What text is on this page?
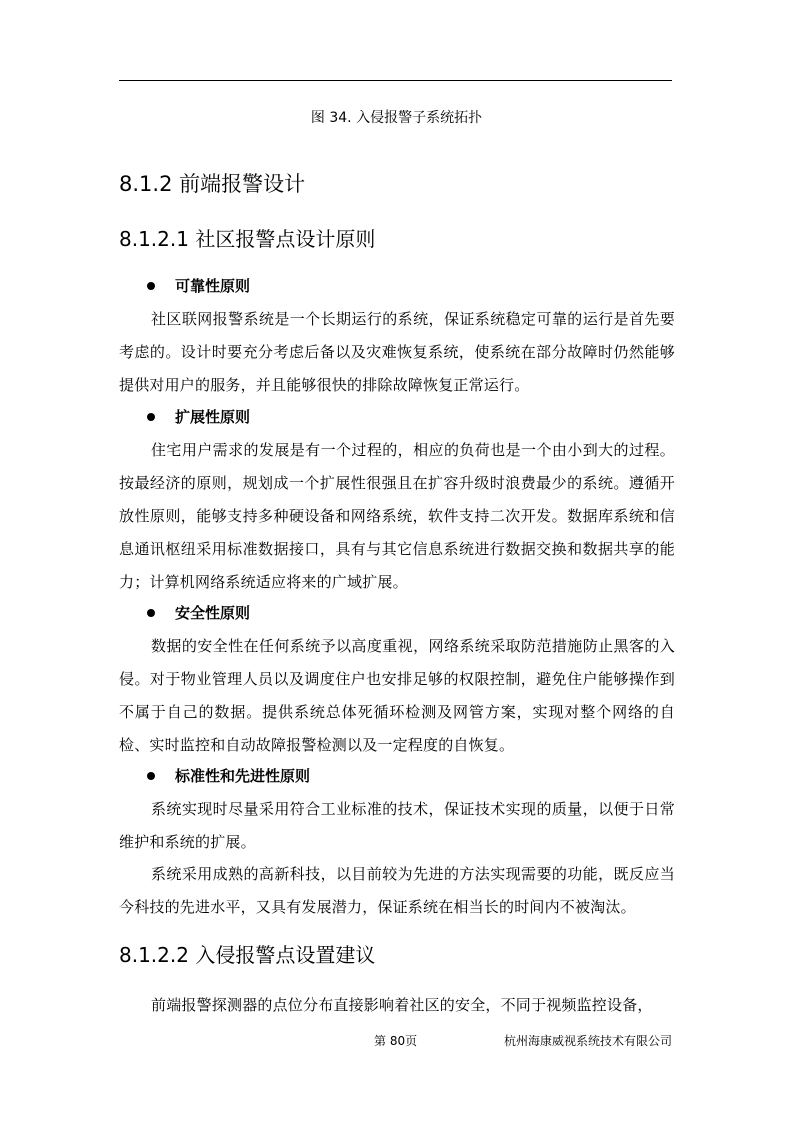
图 34. 入侵报警子系统拓扑
8.1.2 前端报警设计
8.1.2.1 社区报警点设计原则
可靠性原则

社区联网报警系统是一个长期运行的系统，保证系统稳定可靠的运行是首先要考虑的。设计时要充分考虑后备以及灾难恢复系统，使系统在部分故障时仍然能够提供对用户的服务，并且能够很快的排除故障恢复正常运行。

扩展性原则

住宅用户需求的发展是有一个过程的，相应的负荷也是一个由小到大的过程。按最经济的原则，规划成一个扩展性很强且在扩容升级时浪费最少的系统。遵循开放性原则，能够支持多种硬设备和网络系统，软件支持二次开发。数据库系统和信息通讯枢纽采用标准数据接口，具有与其它信息系统进行数据交换和数据共享的能力；计算机网络系统适应将来的广域扩展。

安全性原则

数据的安全性在任何系统予以高度重视，网络系统采取防范措施防止黑客的入侵。对于物业管理人员以及调度住户也安排足够的权限控制，避免住户能够操作到不属于自己的数据。提供系统总体死循环检测及网管方案，实现对整个网络的自检、实时监控和自动故障报警检测以及一定程度的自恢复。

标准性和先进性原则

系统实现时尽量采用符合工业标准的技术，保证技术实现的质量，以便于日常维护和系统的扩展。

系统采用成熟的高新科技，以目前较为先进的方法实现需要的功能，既反应当今科技的先进水平，又具有发展潜力，保证系统在相当长的时间内不被淘汰。

8.1.2.2 入侵报警点设置建议

前端报警探测器的点位分布直接影响着社区的安全，不同于视频监控设备，

第 80页	杭州海康威视系统技术有限公司
